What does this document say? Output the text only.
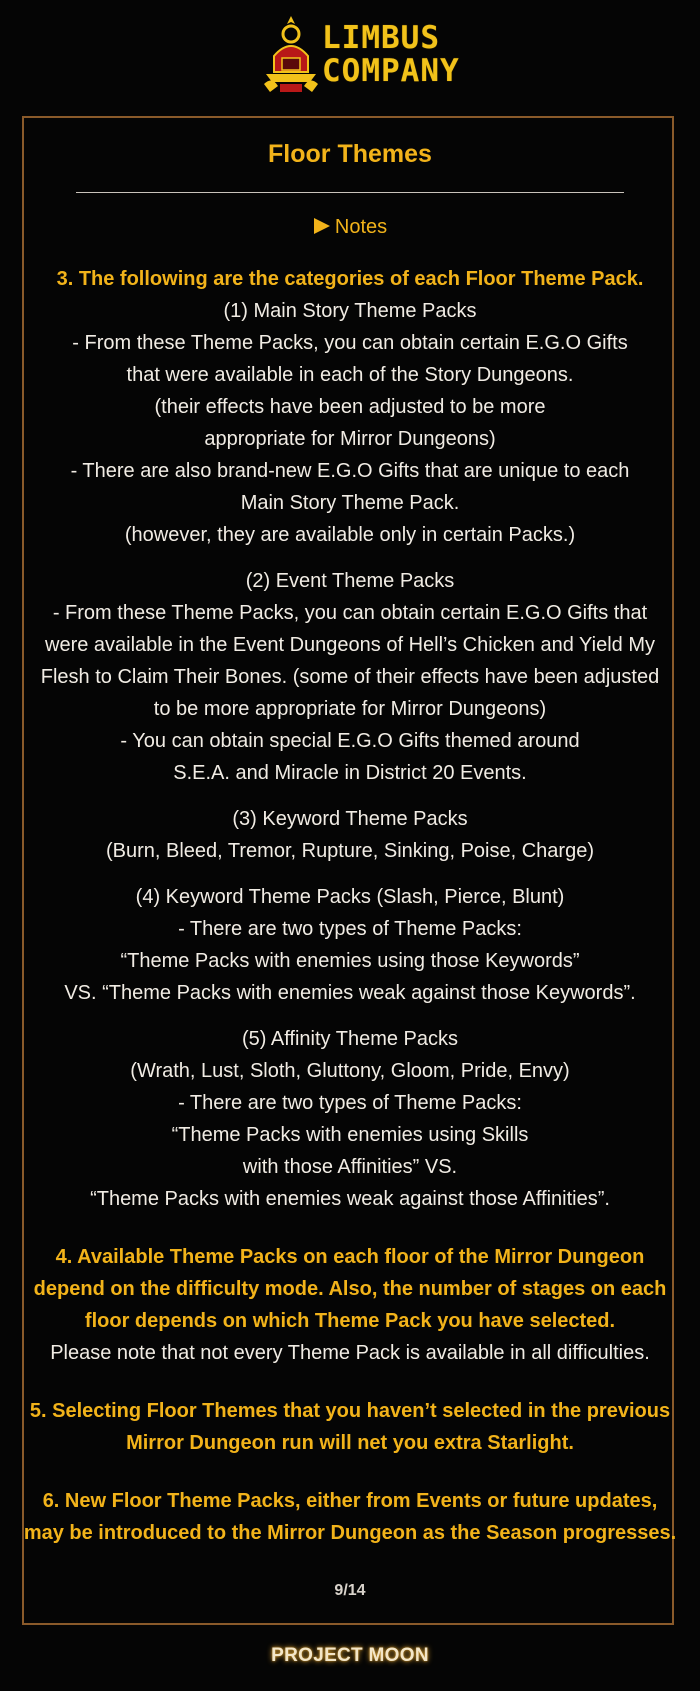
LIMBUS
COMPANY
Floor Themes
Notes

3. The following are the categories of each Floor Theme Pack.

(1) Main Story Theme Packs

- From these Theme Packs, you can obtain certain E.G.O Gifts

that were available in each of the Story Dungeons.

(their effects have been adjusted to be more

appropriate for Mirror Dungeons)

- There are also brand-new E.G.O Gifts that are unique to each

Main Story Theme Pack.

(however, they are available only in certain Packs.)

(2) Event Theme Packs

- From these Theme Packs, you can obtain certain E.G.O Gifts that

were available in the Event Dungeons of Hell’s Chicken and Yield My

Flesh to Claim Their Bones. (some of their effects have been adjusted

to be more appropriate for Mirror Dungeons)

- You can obtain special E.G.O Gifts themed around

S.E.A. and Miracle in District 20 Events.

(3) Keyword Theme Packs

(Burn, Bleed, Tremor, Rupture, Sinking, Poise, Charge)

(4) Keyword Theme Packs (Slash, Pierce, Blunt)

- There are two types of Theme Packs:

“Theme Packs with enemies using those Keywords”

VS. “Theme Packs with enemies weak against those Keywords”.

(5) Affinity Theme Packs

(Wrath, Lust, Sloth, Gluttony, Gloom, Pride, Envy)

- There are two types of Theme Packs:

“Theme Packs with enemies using Skills

with those Affinities” VS.

“Theme Packs with enemies weak against those Affinities”.

4. Available Theme Packs on each floor of the Mirror Dungeon

depend on the difficulty mode. Also, the number of stages on each

floor depends on which Theme Pack you have selected.

Please note that not every Theme Pack is available in all difficulties.

5. Selecting Floor Themes that you haven’t selected in the previous

Mirror Dungeon run will net you extra Starlight.

6. New Floor Theme Packs, either from Events or future updates,

may be introduced to the Mirror Dungeon as the Season progresses.

9/14
PROJECT MOON
